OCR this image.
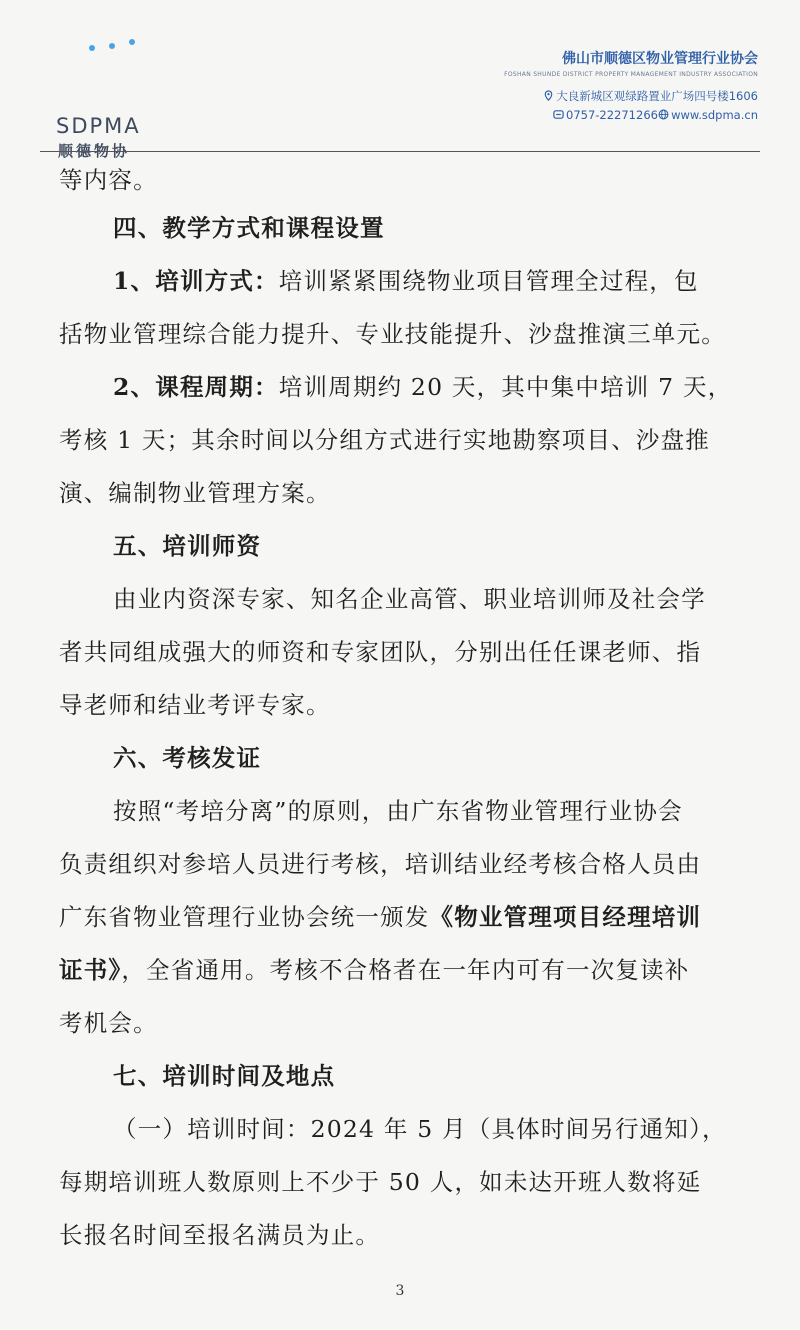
SDPMA
顺德物协
佛山市顺德区物业管理行业协会
FOSHAN SHUNDE DISTRICT PROPERTY MANAGEMENT INDUSTRY ASSOCIATION
大良新城区观绿路置业广场四号楼1606
0757-22271266	www.sdpma.cn
等内容。
四、教学方式和课程设置
1、培训方式：培训紧紧围绕物业项目管理全过程，包
括物业管理综合能力提升、专业技能提升、沙盘推演三单元。
2、课程周期：培训周期约 20 天，其中集中培训 7 天，
考核 1 天；其余时间以分组方式进行实地勘察项目、沙盘推
演、编制物业管理方案。
五、培训师资
由业内资深专家、知名企业高管、职业培训师及社会学
者共同组成强大的师资和专家团队，分别出任任课老师、指
导老师和结业考评专家。
六、考核发证
按照“考培分离”的原则，由广东省物业管理行业协会
负责组织对参培人员进行考核，培训结业经考核合格人员由
广东省物业管理行业协会统一颁发《物业管理项目经理培训
证书》，全省通用。考核不合格者在一年内可有一次复读补
考机会。
七、培训时间及地点
（一）培训时间：2024 年 5 月（具体时间另行通知），
每期培训班人数原则上不少于 50 人，如未达开班人数将延
长报名时间至报名满员为止。
3
